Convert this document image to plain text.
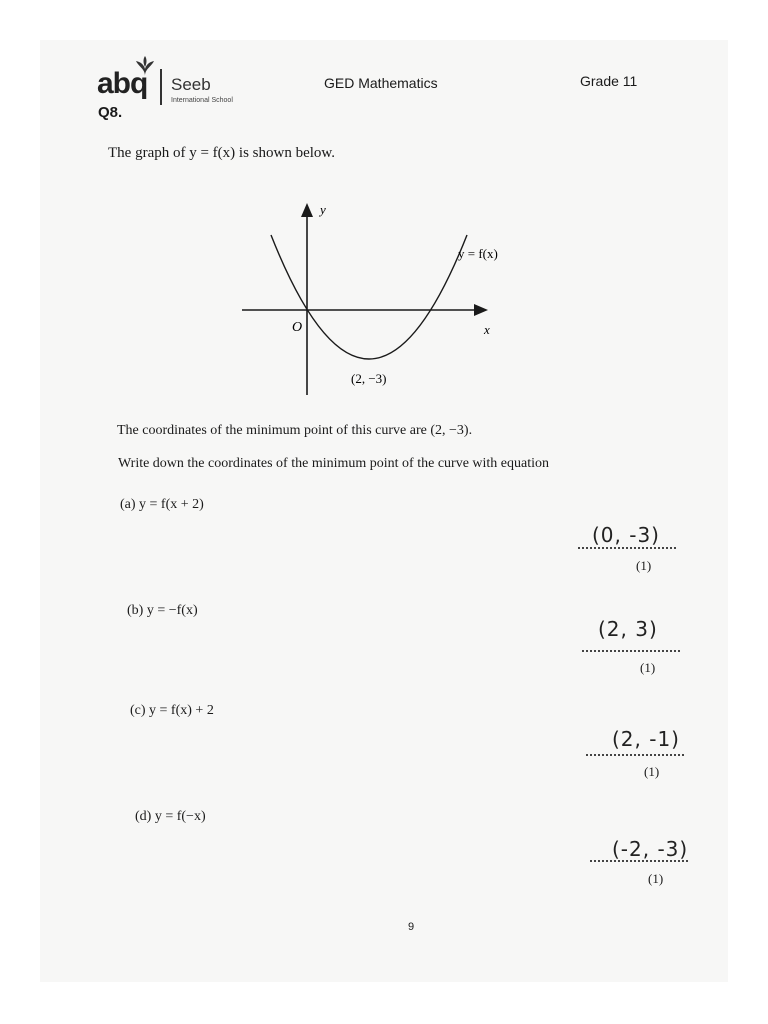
abq Seeb
International School
GED Mathematics	Grade 11
Q8.
The graph of y = f(x) is shown below.
y
x
O
y = f(x)
(2, −3)
The coordinates of the minimum point of this curve are (2, −3).
Write down the coordinates of the minimum point of the curve with equation
(a) y = f(x + 2)
(0, -3)
(1)
(b) y = −f(x)
(2, 3)
(1)
(c) y = f(x) + 2
(2, -1)
(1)
(d) y = f(−x)
(-2, -3)
(1)
9
